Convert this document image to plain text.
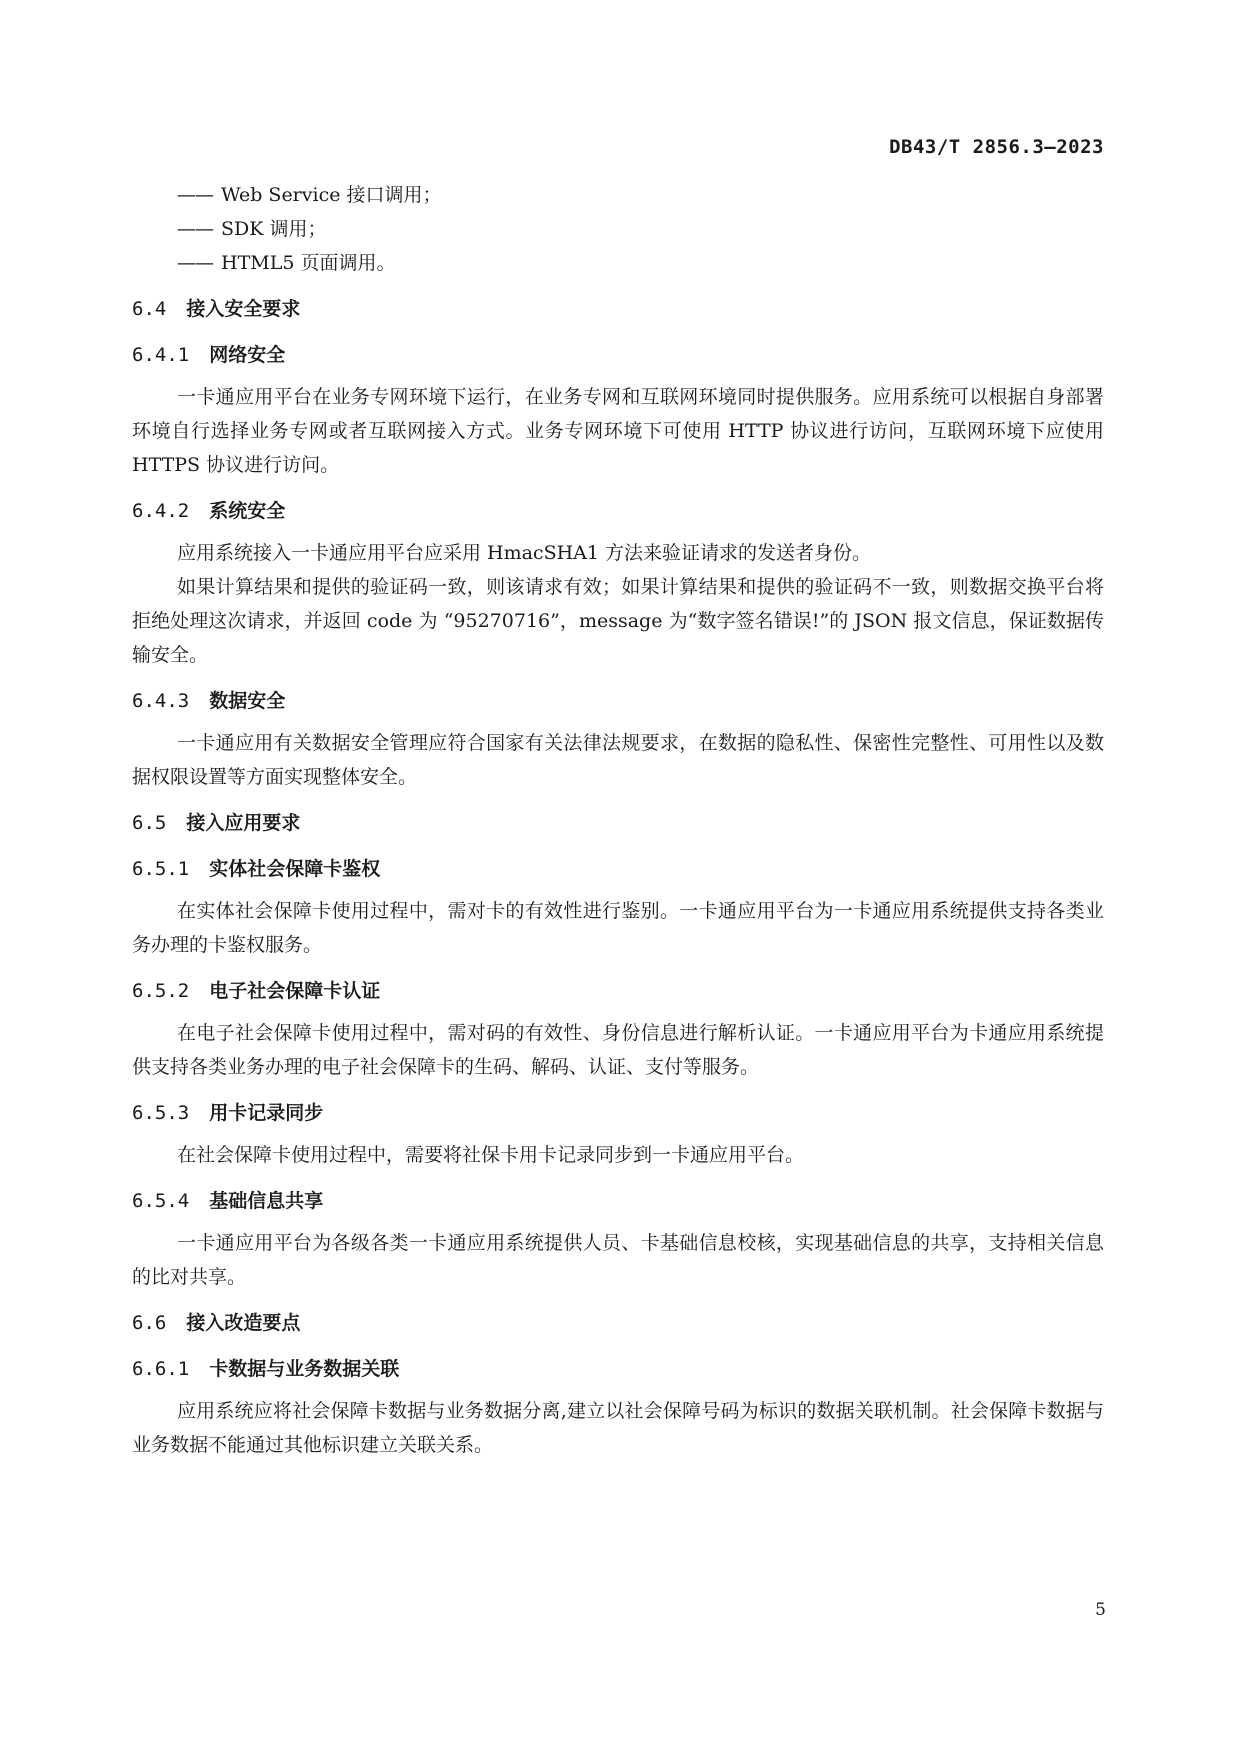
DB43/T 2856.3—2023
—— Web Service 接口调用；
—— SDK 调用；
—— HTML5 页面调用。
6.4 接入安全要求
6.4.1 网络安全
一卡通应用平台在业务专网环境下运行，在业务专网和互联网环境同时提供服务。应用系统可以根据自身部署环境自行选择业务专网或者互联网接入方式。业务专网环境下可使用 HTTP 协议进行访问，互联网环境下应使用 HTTPS 协议进行访问。
6.4.2 系统安全
应用系统接入一卡通应用平台应采用 HmacSHA1 方法来验证请求的发送者身份。
如果计算结果和提供的验证码一致，则该请求有效；如果计算结果和提供的验证码不一致，则数据交换平台将拒绝处理这次请求，并返回 code 为 “95270716”，message 为“数字签名错误!”的 JSON 报文信息，保证数据传输安全。
6.4.3 数据安全
一卡通应用有关数据安全管理应符合国家有关法律法规要求，在数据的隐私性、保密性完整性、可用性以及数据权限设置等方面实现整体安全。
6.5 接入应用要求
6.5.1 实体社会保障卡鉴权
在实体社会保障卡使用过程中，需对卡的有效性进行鉴别。一卡通应用平台为一卡通应用系统提供支持各类业务办理的卡鉴权服务。
6.5.2 电子社会保障卡认证
在电子社会保障卡使用过程中，需对码的有效性、身份信息进行解析认证。一卡通应用平台为卡通应用系统提供支持各类业务办理的电子社会保障卡的生码、解码、认证、支付等服务。
6.5.3 用卡记录同步
在社会保障卡使用过程中，需要将社保卡用卡记录同步到一卡通应用平台。
6.5.4 基础信息共享
一卡通应用平台为各级各类一卡通应用系统提供人员、卡基础信息校核，实现基础信息的共享，支持相关信息的比对共享。
6.6 接入改造要点
6.6.1 卡数据与业务数据关联
应用系统应将社会保障卡数据与业务数据分离,建立以社会保障号码为标识的数据关联机制。社会保障卡数据与业务数据不能通过其他标识建立关联关系。
5
